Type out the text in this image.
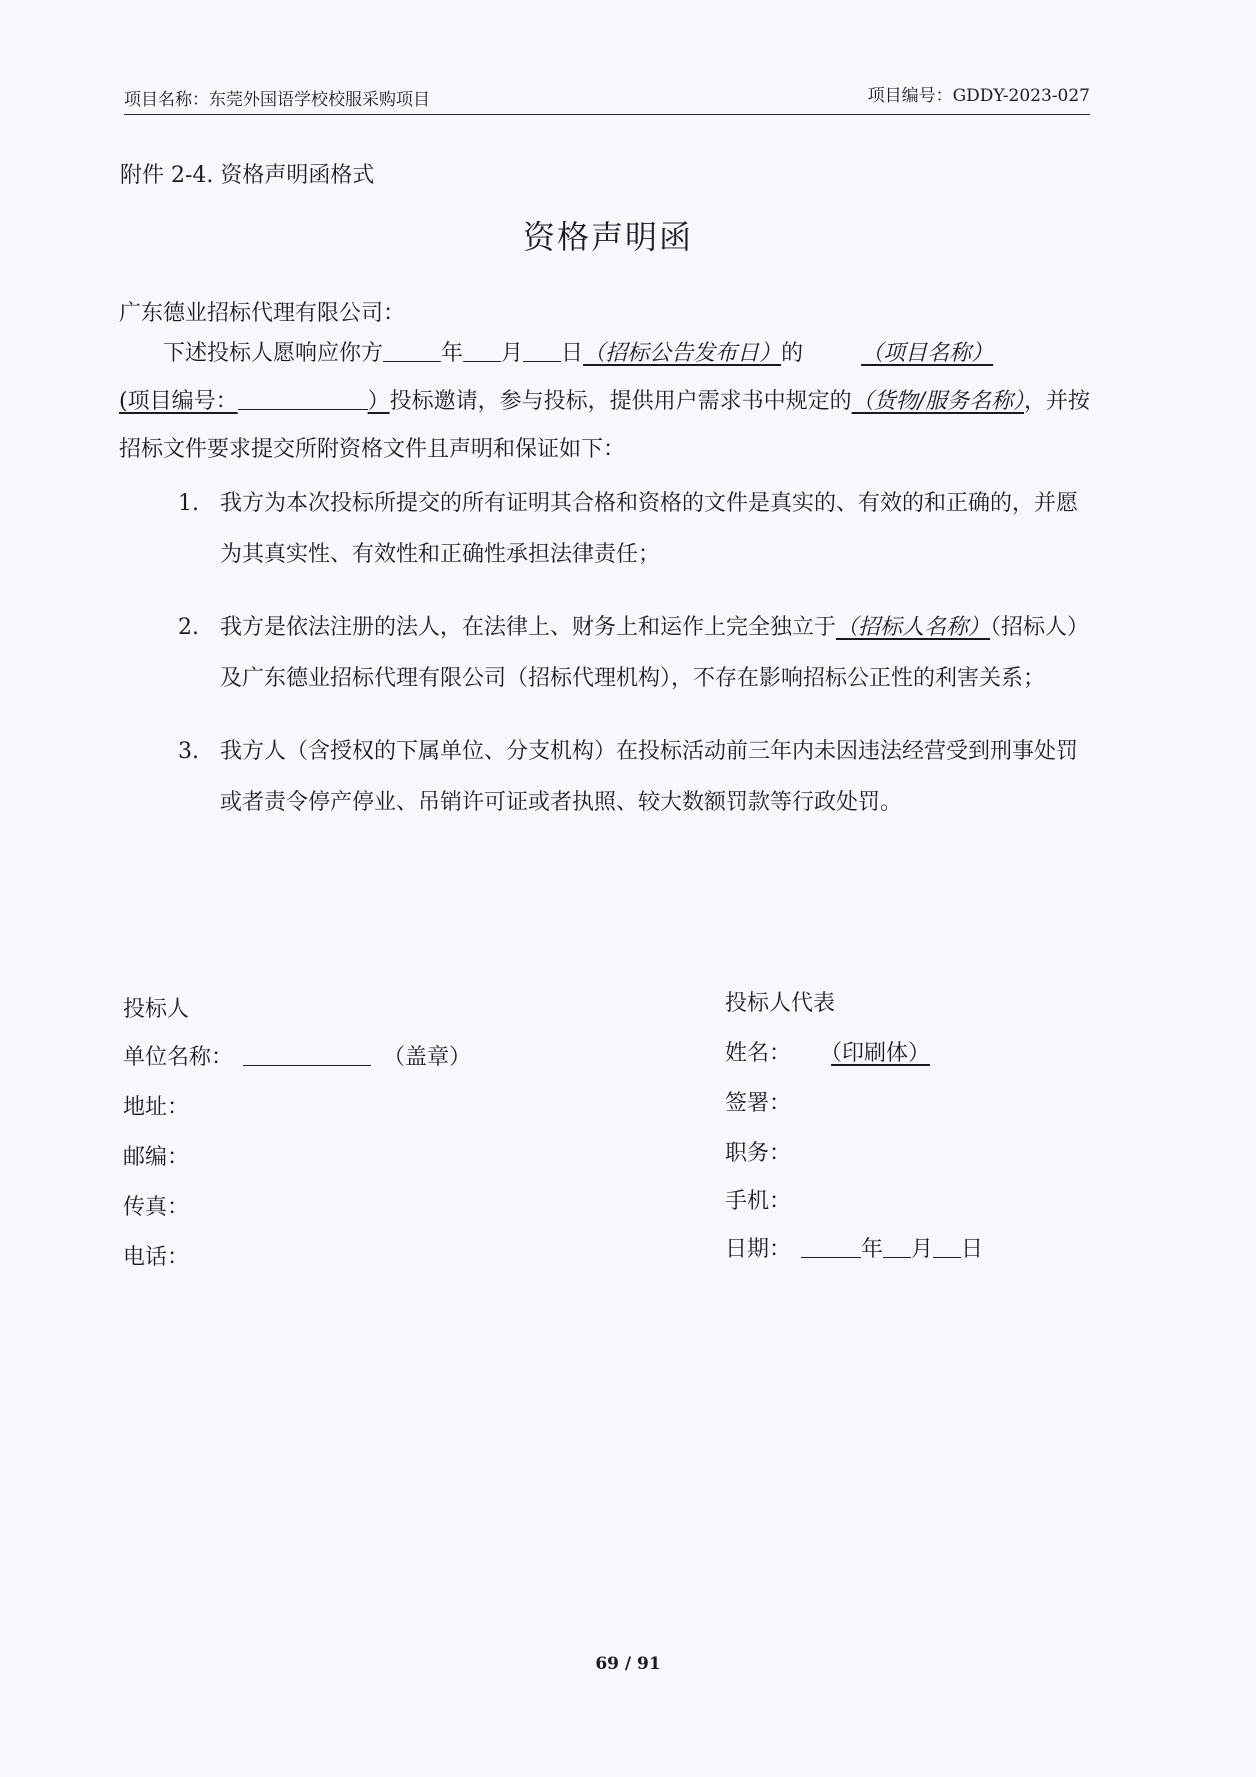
项目名称：东莞外国语学校校服采购项目	项目编号：GDDY-2023-027
附件 2-4. 资格声明函格式
资格声明函
广东德业招标代理有限公司：

下述投标人愿响应你方	年 月 日（招标公告发布日）的	（项目名称）

(项目编号：	）投标邀请，参与投标，提供用户需求书中规定的（货物/服务名称），并按招标文件要求提交所附资格文件且声明和保证如下：

1. 我方为本次投标所提交的所有证明其合格和资格的文件是真实的、有效的和正确的，并愿为其真实性、有效性和正确性承担法律责任；
2. 我方是依法注册的法人，在法律上、财务上和运作上完全独立于（招标人名称）（招标人）及广东德业招标代理有限公司（招标代理机构），不存在影响招标公正性的利害关系；
3. 我方人（含授权的下属单位、分支机构）在投标活动前三年内未因违法经营受到刑事处罚或者责令停产停业、吊销许可证或者执照、较大数额罚款等行政处罚。
投标人
单位名称：	（盖章）
地址：
邮编：
传真：
电话：
投标人代表
姓名： （印刷体）
签署：
职务：
手机：
日期：	年 月 日
69 / 91
